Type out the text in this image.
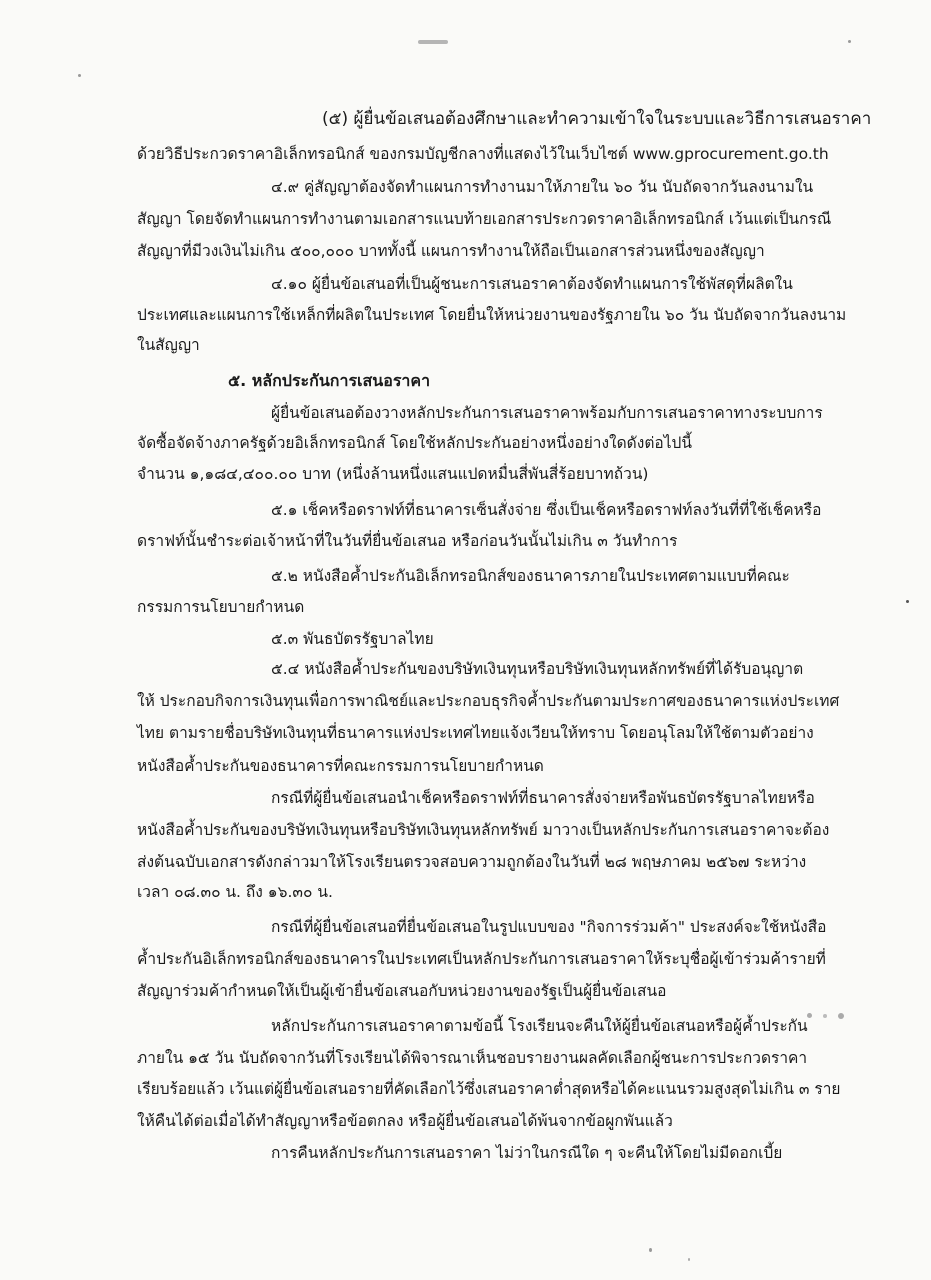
(๕) ผู้ยื่นข้อเสนอต้องศึกษาและทำความเข้าใจในระบบและวิธีการเสนอราคา
ด้วยวิธีประกวดราคาอิเล็กทรอนิกส์ ของกรมบัญชีกลางที่แสดงไว้ในเว็บไซต์ www.gprocurement.go.th
๔.๙ คู่สัญญาต้องจัดทำแผนการทำงานมาให้ภายใน ๖๐ วัน นับถัดจากวันลงนามใน
สัญญา โดยจัดทำแผนการทำงานตามเอกสารแนบท้ายเอกสารประกวดราคาอิเล็กทรอนิกส์ เว้นแต่เป็นกรณี
สัญญาที่มีวงเงินไม่เกิน ๕๐๐,๐๐๐ บาททั้งนี้ แผนการทำงานให้ถือเป็นเอกสารส่วนหนึ่งของสัญญา
๔.๑๐ ผู้ยื่นข้อเสนอที่เป็นผู้ชนะการเสนอราคาต้องจัดทำแผนการใช้พัสดุที่ผลิตใน
ประเทศและแผนการใช้เหล็กที่ผลิตในประเทศ โดยยื่นให้หน่วยงานของรัฐภายใน ๖๐ วัน นับถัดจากวันลงนาม
ในสัญญา
๕. หลักประกันการเสนอราคา
ผู้ยื่นข้อเสนอต้องวางหลักประกันการเสนอราคาพร้อมกับการเสนอราคาทางระบบการ
จัดซื้อจัดจ้างภาครัฐด้วยอิเล็กทรอนิกส์ โดยใช้หลักประกันอย่างหนึ่งอย่างใดดังต่อไปนี้
จำนวน ๑,๑๘๔,๔๐๐.๐๐ บาท (หนึ่งล้านหนึ่งแสนแปดหมื่นสี่พันสี่ร้อยบาทถ้วน)
๕.๑ เช็คหรือดราฟท์ที่ธนาคารเซ็นสั่งจ่าย ซึ่งเป็นเช็คหรือดราฟท์ลงวันที่ที่ใช้เช็คหรือ
ดราฟท์นั้นชำระต่อเจ้าหน้าที่ในวันที่ยื่นข้อเสนอ หรือก่อนวันนั้นไม่เกิน ๓ วันทำการ
๕.๒ หนังสือค้ำประกันอิเล็กทรอนิกส์ของธนาคารภายในประเทศตามแบบที่คณะ
กรรมการนโยบายกำหนด
๕.๓ พันธบัตรรัฐบาลไทย
๕.๔ หนังสือค้ำประกันของบริษัทเงินทุนหรือบริษัทเงินทุนหลักทรัพย์ที่ได้รับอนุญาต
ให้ ประกอบกิจการเงินทุนเพื่อการพาณิชย์และประกอบธุรกิจค้ำประกันตามประกาศของธนาคารแห่งประเทศ
ไทย ตามรายชื่อบริษัทเงินทุนที่ธนาคารแห่งประเทศไทยแจ้งเวียนให้ทราบ โดยอนุโลมให้ใช้ตามตัวอย่าง
หนังสือค้ำประกันของธนาคารที่คณะกรรมการนโยบายกำหนด
กรณีที่ผู้ยื่นข้อเสนอนำเช็คหรือดราฟท์ที่ธนาคารสั่งจ่ายหรือพันธบัตรรัฐบาลไทยหรือ
หนังสือค้ำประกันของบริษัทเงินทุนหรือบริษัทเงินทุนหลักทรัพย์ มาวางเป็นหลักประกันการเสนอราคาจะต้อง
ส่งต้นฉบับเอกสารดังกล่าวมาให้โรงเรียนตรวจสอบความถูกต้องในวันที่ ๒๘ พฤษภาคม ๒๕๖๗ ระหว่าง
เวลา ๐๘.๓๐ น. ถึง ๑๖.๓๐ น.
กรณีที่ผู้ยื่นข้อเสนอที่ยื่นข้อเสนอในรูปแบบของ "กิจการร่วมค้า" ประสงค์จะใช้หนังสือ
ค้ำประกันอิเล็กทรอนิกส์ของธนาคารในประเทศเป็นหลักประกันการเสนอราคาให้ระบุชื่อผู้เข้าร่วมค้ารายที่
สัญญาร่วมค้ากำหนดให้เป็นผู้เข้ายื่นข้อเสนอกับหน่วยงานของรัฐเป็นผู้ยื่นข้อเสนอ
หลักประกันการเสนอราคาตามข้อนี้ โรงเรียนจะคืนให้ผู้ยื่นข้อเสนอหรือผู้ค้ำประกัน
ภายใน ๑๕ วัน นับถัดจากวันที่โรงเรียนได้พิจารณาเห็นชอบรายงานผลคัดเลือกผู้ชนะการประกวดราคา
เรียบร้อยแล้ว เว้นแต่ผู้ยื่นข้อเสนอรายที่คัดเลือกไว้ซึ่งเสนอราคาต่ำสุดหรือได้คะแนนรวมสูงสุดไม่เกิน ๓ ราย
ให้คืนได้ต่อเมื่อได้ทำสัญญาหรือข้อตกลง หรือผู้ยื่นข้อเสนอได้พ้นจากข้อผูกพันแล้ว
การคืนหลักประกันการเสนอราคา ไม่ว่าในกรณีใด ๆ จะคืนให้โดยไม่มีดอกเบี้ย
